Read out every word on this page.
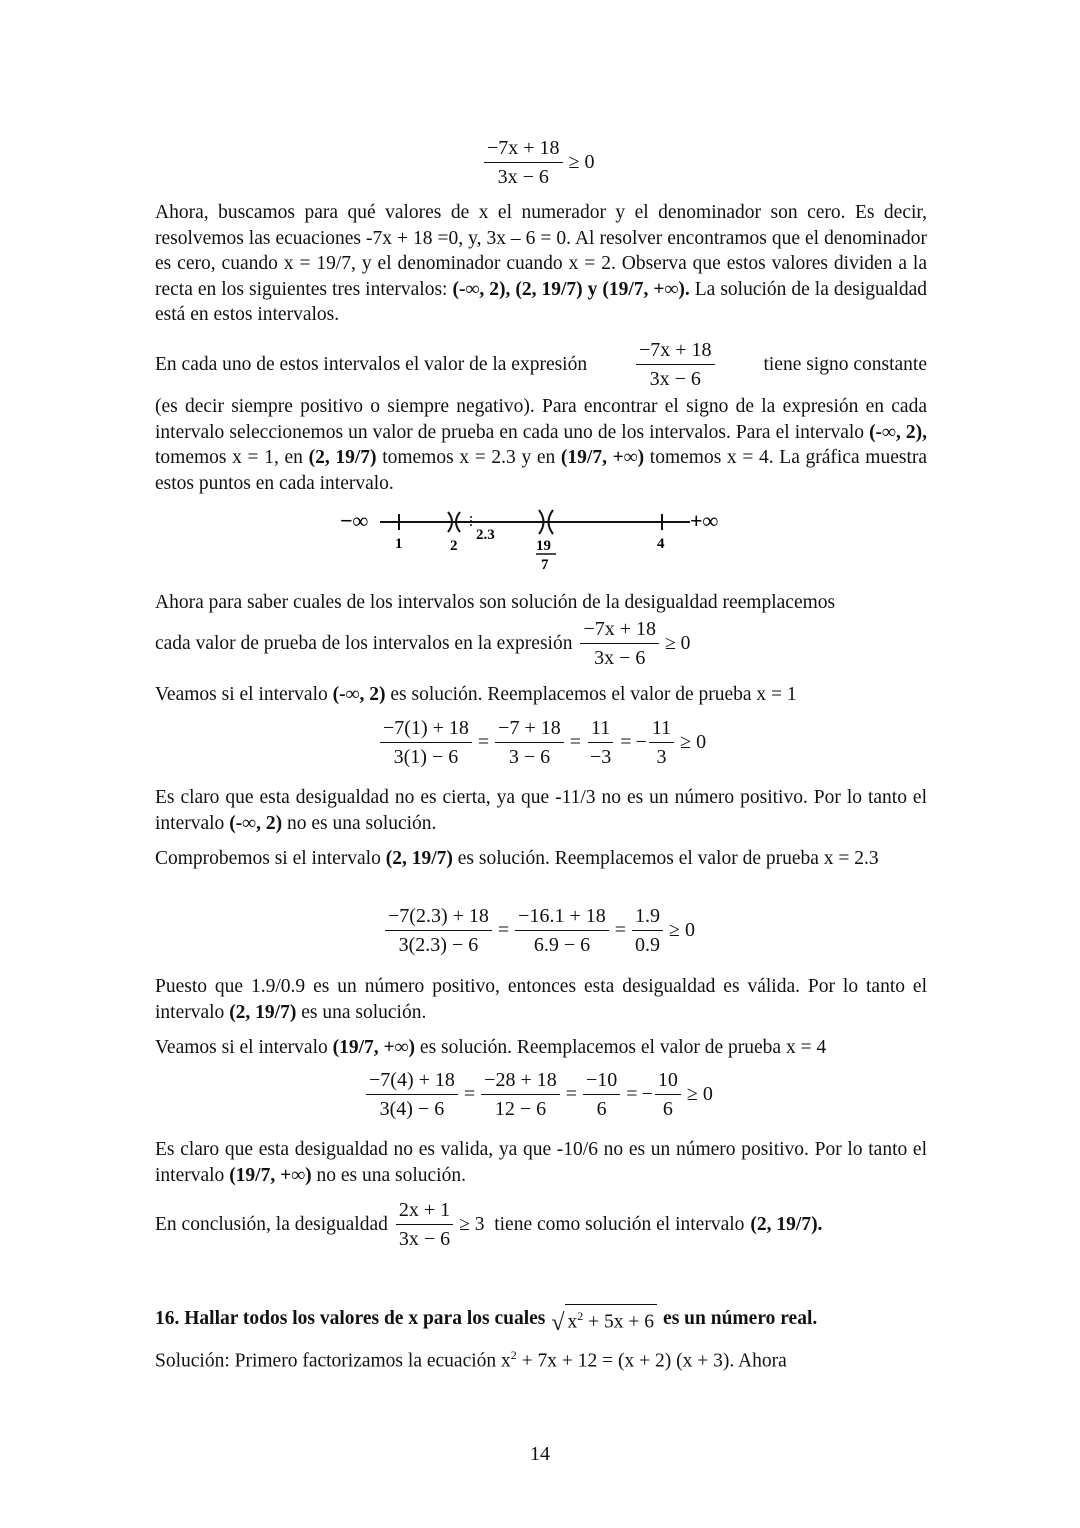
$\frac{-7x + 18}{3x - 6} \ge 0$

Ahora, buscamos para qué valores de x el numerador y el denominador son cero. Es decir, resolvemos las ecuaciones -7x + 18 =0, y, 3x – 6 = 0. Al resolver encontramos que el denominador es cero, cuando x = 19/7, y el denominador cuando x = 2. Observa que estos valores dividen a la recta en los siguientes tres intervalos: (-∞, 2), (2, 19/7) y (19/7, +∞). La solución de la desigualdad está en estos intervalos.

En cada uno de estos intervalos el valor de la expresión $\frac{-7x + 18}{3x - 6}$	tiene signo constante

(es decir siempre positivo o siempre negativo). Para encontrar el signo de la expresión en cada intervalo seleccionemos un valor de prueba en cada uno de los intervalos. Para el intervalo (-∞, 2), tomemos x = 1, en (2, 19/7) tomemos x = 2.3 y en (19/7, +∞) tomemos x = 4. La gráfica muestra estos puntos en cada intervalo.

−∞	+∞
1	2
2.3
19
7
4

Ahora para saber cuales de los intervalos son solución de la desigualdad reemplacemos

cada valor de prueba de los intervalos en la expresión $\frac{-7x + 18}{3x - 6} \ge 0$

Veamos si el intervalo (-∞, 2) es solución. Reemplacemos el valor de prueba x = 1

$\frac{-7(1) + 18}{3(1) - 6} = \frac{-7 + 18}{3 - 6} = \frac{11}{-3}$ = − $\frac{11}{3} \ge 0$

Es claro que esta desigualdad no es cierta, ya que -11/3 no es un número positivo. Por lo tanto el intervalo (-∞, 2) no es una solución.

Comprobemos si el intervalo (2, 19/7) es solución. Reemplacemos el valor de prueba x = 2.3

$\frac{-7(2.3) + 18}{3(2.3) - 6} = \frac{-16.1 + 18}{6.9 - 6} = \frac{1.9}{0.9} \ge 0$

Puesto que 1.9/0.9 es un número positivo, entonces esta desigualdad es válida. Por lo tanto el intervalo (2, 19/7) es una solución.

Veamos si el intervalo (19/7, +∞) es solución. Reemplacemos el valor de prueba x = 4

$\frac{-7(4) + 18}{3(4) - 6} = \frac{-28 + 18}{12 - 6} = \frac{-10}{6}$ = − $\frac{10}{6} \ge 0$

Es claro que esta desigualdad no es valida, ya que -10/6 no es un número positivo. Por lo tanto el intervalo (19/7, +∞) no es una solución.

En conclusión, la desigualdad $\frac{2x + 1}{3x - 6} \ge 3$  tiene como solución el intervalo (2, 19/7).
16. Hallar todos los valores de x para los cuales √ $x^2 + 5x + 6$ es un número real.

Solución: Primero factorizamos la ecuación $x^2 + 7x + 12 = (x + 2) (x + 3)$. Ahora

14
